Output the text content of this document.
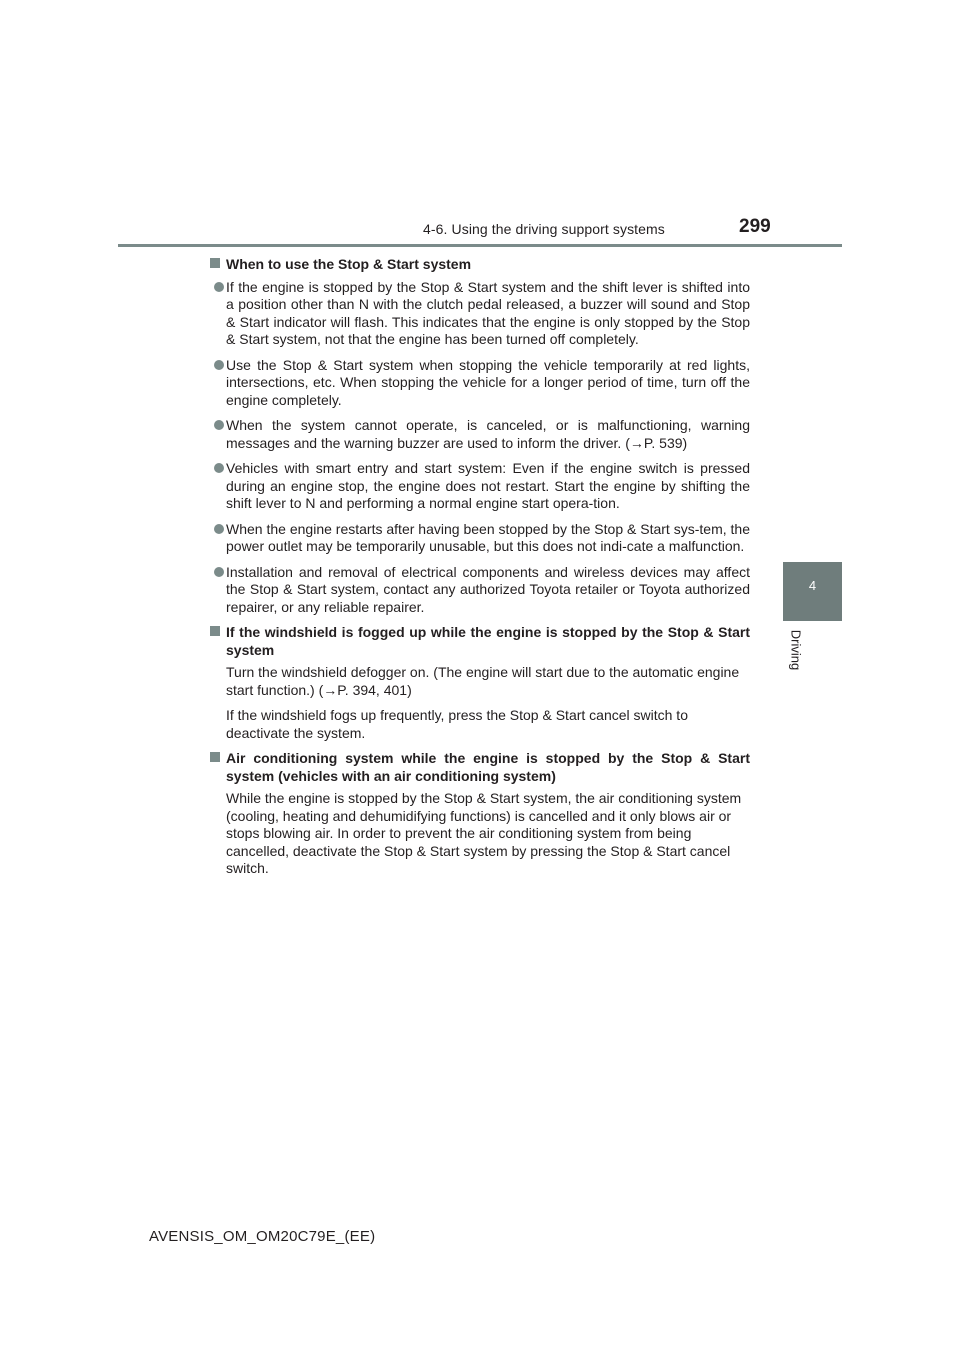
4-6. Using the driving support systems	299
4
Driving
When to use the Stop & Start system
If the engine is stopped by the Stop & Start system and the shift lever is shifted into a position other than N with the clutch pedal released, a buzzer will sound and Stop & Start indicator will flash. This indicates that the engine is only stopped by the Stop & Start system, not that the engine has been turned off completely.
Use the Stop & Start system when stopping the vehicle temporarily at red lights, intersections, etc. When stopping the vehicle for a longer period of time, turn off the engine completely.
When the system cannot operate, is canceled, or is malfunctioning, warning messages and the warning buzzer are used to inform the driver. (→P. 539)
Vehicles with smart entry and start system: Even if the engine switch is pressed during an engine stop, the engine does not restart. Start the engine by shifting the shift lever to N and performing a normal engine start opera-tion.
When the engine restarts after having been stopped by the Stop & Start sys-tem, the power outlet may be temporarily unusable, but this does not indi-cate a malfunction.
Installation and removal of electrical components and wireless devices may affect the Stop & Start system, contact any authorized Toyota retailer or Toyota authorized repairer, or any reliable repairer.
If the windshield is fogged up while the engine is stopped by the Stop & Start system
Turn the windshield defogger on. (The engine will start due to the automatic engine start function.) (→P. 394, 401)
If the windshield fogs up frequently, press the Stop & Start cancel switch to deactivate the system.
Air conditioning system while the engine is stopped by the Stop & Start system (vehicles with an air conditioning system)
While the engine is stopped by the Stop & Start system, the air conditioning system (cooling, heating and dehumidifying functions) is cancelled and it only blows air or stops blowing air. In order to prevent the air conditioning system from being cancelled, deactivate the Stop & Start system by pressing the Stop & Start cancel switch.
AVENSIS_OM_OM20C79E_(EE)
